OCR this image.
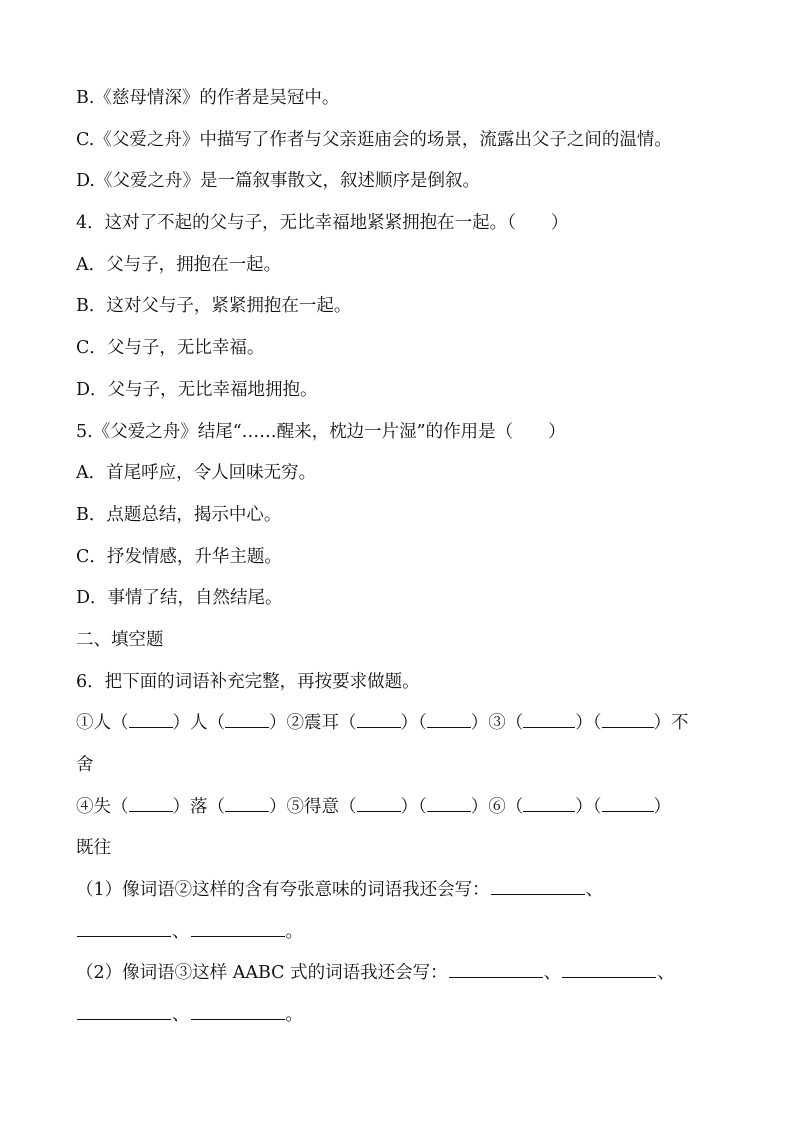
B.《慈母情深》的作者是吴冠中。
C.《父爱之舟》中描写了作者与父亲逛庙会的场景，流露出父子之间的温情。
D.《父爱之舟》是一篇叙事散文，叙述顺序是倒叙。
4．这对了不起的父与子，无比幸福地紧紧拥抱在一起。（　　）
A．父与子，拥抱在一起。
B．这对父与子，紧紧拥抱在一起。
C．父与子，无比幸福。
D．父与子，无比幸福地拥抱。
5.《父爱之舟》结尾“……醒来，枕边一片湿”的作用是（　　）
A．首尾呼应，令人回味无穷。
B．点题总结，揭示中心。
C．抒发情感，升华主题。
D．事情了结，自然结尾。
二、填空题
6．把下面的词语补充完整，再按要求做题。
①人（	）人（	）②震耳（	）（	）③（	）（	）不
舍
④失（	）落（	）⑤得意（	）（	）⑥（	）（	）
既往
（1）像词语②这样的含有夸张意味的词语我还会写：	、
、	。
（2）像词语③这样 AABC 式的词语我还会写：	、	、
、	。
